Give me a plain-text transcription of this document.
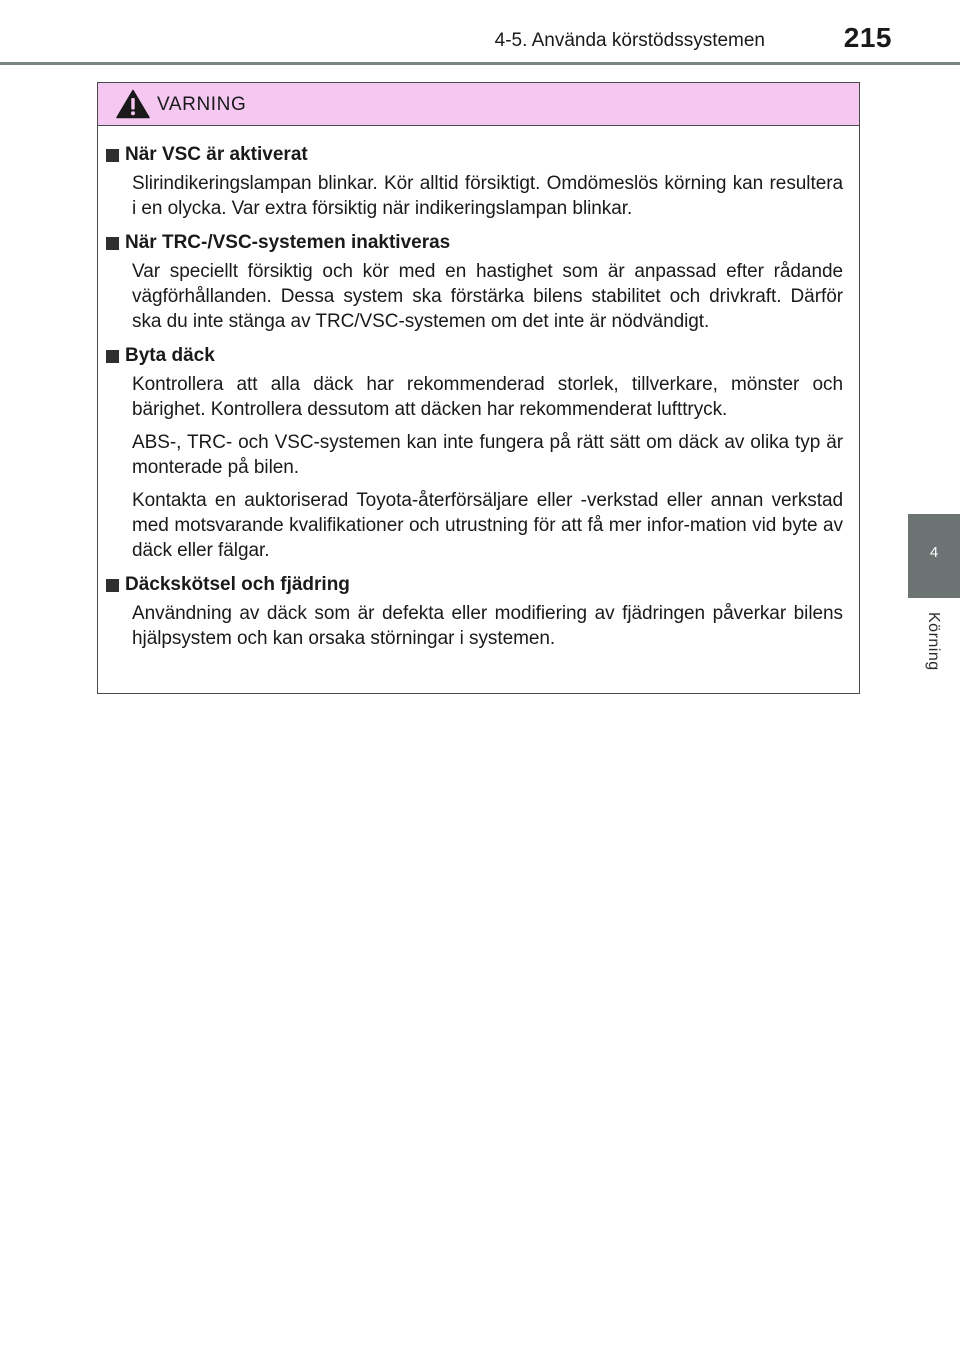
4-5. Använda körstödssystemen	215
4
Körning
VARNING
När VSC är aktiverat

Slirindikeringslampan blinkar. Kör alltid försiktigt. Omdömeslös körning kan resultera i en olycka. Var extra försiktig när indikeringslampan blinkar.

När TRC-/VSC-systemen inaktiveras

Var speciellt försiktig och kör med en hastighet som är anpassad efter rådande vägförhållanden. Dessa system ska förstärka bilens stabilitet och drivkraft. Därför ska du inte stänga av TRC/VSC-systemen om det inte är nödvändigt.

Byta däck

Kontrollera att alla däck har rekommenderad storlek, tillverkare, mönster och bärighet. Kontrollera dessutom att däcken har rekommenderat lufttryck.

ABS-, TRC- och VSC-systemen kan inte fungera på rätt sätt om däck av olika typ är monterade på bilen.

Kontakta en auktoriserad Toyota-återförsäljare eller -verkstad eller annan verkstad med motsvarande kvalifikationer och utrustning för att få mer infor-mation vid byte av däck eller fälgar.

Däckskötsel och fjädring

Användning av däck som är defekta eller modifiering av fjädringen påverkar bilens hjälpsystem och kan orsaka störningar i systemen.
